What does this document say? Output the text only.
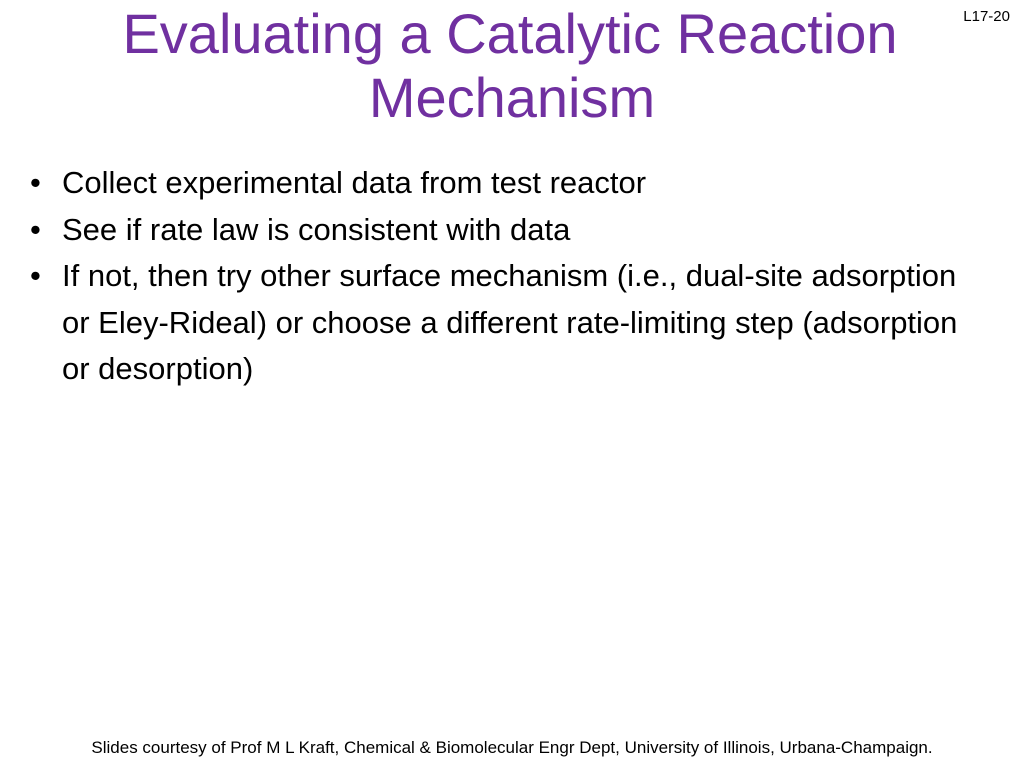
L17-20
Evaluating a Catalytic Reaction
Mechanism
• Collect experimental data from test reactor
• See if rate law is consistent with data
• If not, then try other surface mechanism (i.e., dual-site adsorption or Eley-Rideal) or choose a different rate-limiting step (adsorption or desorption)
Slides courtesy of Prof M L Kraft, Chemical & Biomolecular Engr Dept, University of Illinois, Urbana-Champaign.
